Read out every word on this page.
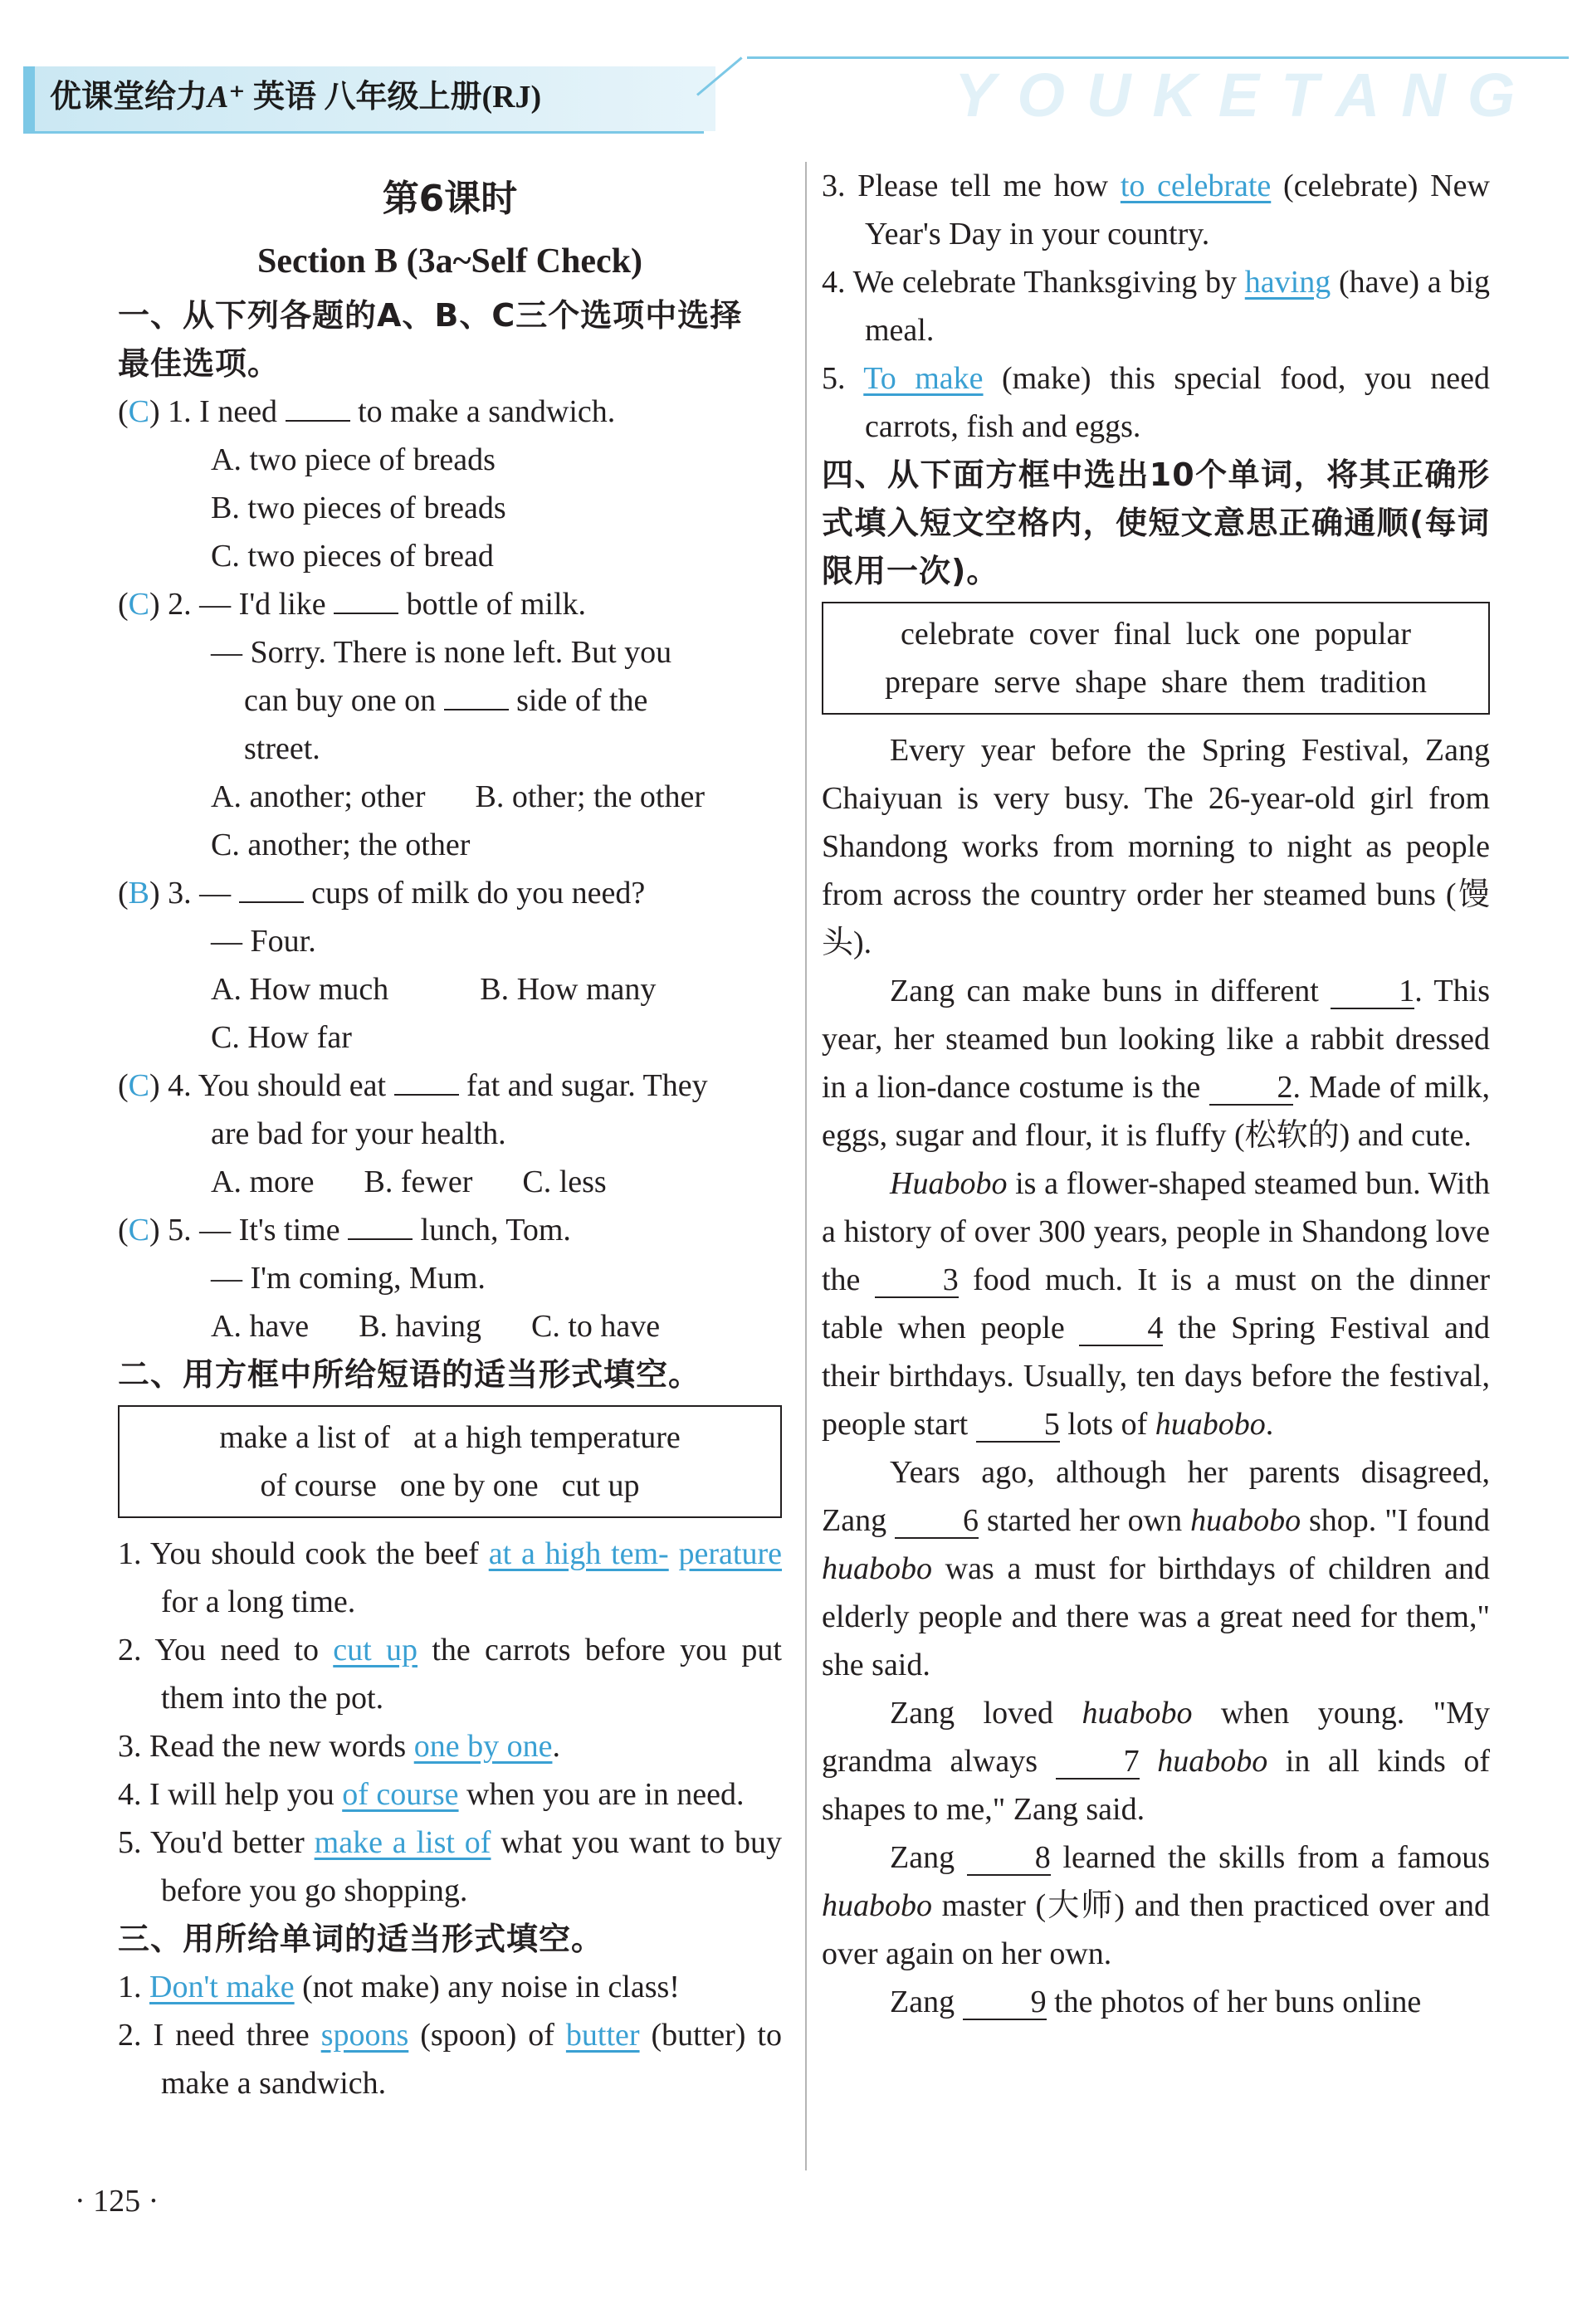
优课堂给力A⁺ 英语 八年级上册(RJ)	YOUKETANG
第6课时
Section B (3a~Self Check)
一、从下列各题的A、B、C三个选项中选择
最佳选项。
(C) 1. I need  to make a sandwich.
A. two piece of breads
B. two pieces of breads
C. two pieces of bread
(C) 2. — I'd like  bottle of milk.
— Sorry. There is none left. But you
can buy one on  side of the
street.
A. another; other B. other; the other
C. another; the other
(B) 3. —  cups of milk do you need?
— Four.
A. How much	B. How many
C. How far
(C) 4. You should eat  fat and sugar. They
are bad for your health.
A. more B. fewer C. less
(C) 5. — It's time  lunch, Tom.
— I'm coming, Mum.
A. have B. having C. to have
二、用方框中所给短语的适当形式填空。
make a list of at a high temperature
of course one by one cut up
1. You should cook the beef at a high tem- perature for a long time.
2. You need to cut up the carrots before you put them into the pot.
3. Read the new words one by one.
4. I will help you of course when you are in need.
5. You'd better make a list of what you want to buy before you go shopping.
三、用所给单词的适当形式填空。
1. Don't make (not make) any noise in class!
2. I need three spoons (spoon) of butter (butter) to make a sandwich.
3. Please tell me how to celebrate (celebrate) New Year's Day in your country.
4. We celebrate Thanksgiving by having (have) a big meal.
5. To make (make) this special food, you need carrots, fish and eggs.
四、从下面方框中选出10个单词，将其正确形式填入短文空格内，使短文意思正确通顺(每词限用一次)。
celebrate cover final luck one popular
prepare serve shape share them tradition

Every year before the Spring Festival, Zang Chaiyuan is very busy. The 26-year-old girl from Shandong works from morning to night as people from across the country order her steamed buns (馒头).

Zang can make buns in different 1. This year, her steamed bun looking like a rabbit dressed in a lion-dance costume is the 2. Made of milk, eggs, sugar and flour, it is fluffy (松软的) and cute.

Huabobo is a flower-shaped steamed bun. With a history of over 300 years, people in Shandong love the 3 food much. It is a must on the dinner table when people 4 the Spring Festival and their birthdays. Usually, ten days before the festival, people start 5 lots of huabobo.

Years ago, although her parents disagreed, Zang 6 started her own huabobo shop. "I found huabobo was a must for birthdays of children and elderly people and there was a great need for them," she said.

Zang loved huabobo when young. "My grandma always 7 huabobo in all kinds of shapes to me," Zang said.

Zang 8 learned the skills from a famous huabobo master (大师) and then practiced over and over again on her own.

Zang 9 the photos of her buns online

· 125 ·
